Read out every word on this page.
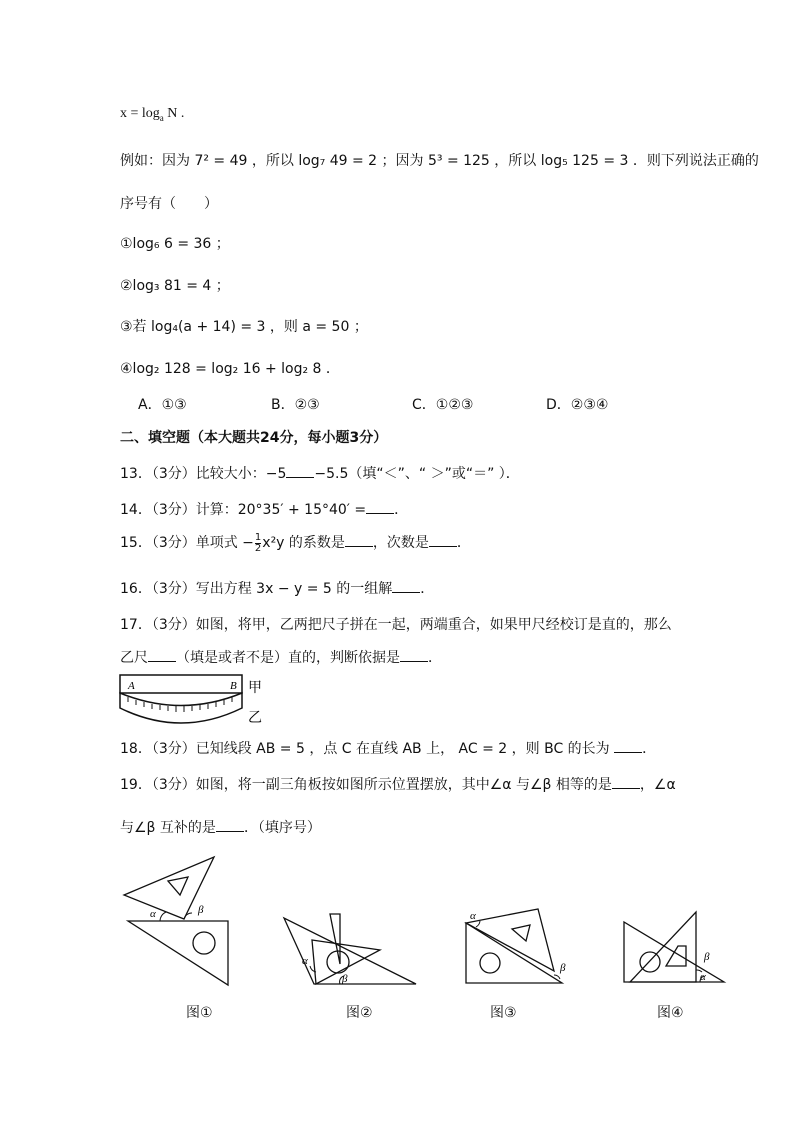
$x = \log_a N$ .
例如：因为 7² = 49 ，所以 log₇ 49 = 2 ；因为 5³ = 125 ，所以 log₅ 125 = 3 ．则下列说法正确的
序号有（　　）
①log₆ 6 = 36 ；
②log₃ 81 = 4 ；
③若 log₄(a + 14) = 3 ，则 a = 50 ；
④log₂ 128 = log₂ 16 + log₂ 8 ．
A．①③	B．②③	C．①②③	D．②③④
二、填空题（本大题共24分，每小题3分）
13．（3分）比较大小：−5 −5.5（填“＜”、“ ＞”或“＝” ）．
14．（3分）计算：20°35′ + 15°40′ = ．
15．（3分）单项式 − $\frac{1}{2} x^2y$ 的系数是 ，次数是 ．
16．（3分）写出方程 3x − y = 5 的一组解 ．
17．（3分）如图，将甲，乙两把尺子拼在一起，两端重合，如果甲尺经校订是直的，那么
乙尺 （填是或者不是）直的，判断依据是 ．
A	B 甲
乙
18．（3分）已知线段 AB = 5 ，点 C 在直线 AB 上， AC = 2 ，则 BC 的长为 ．
19．（3分）如图，将一副三角板按如图所示位置摆放，其中∠α 与∠β 相等的是 ，∠α
与∠β 互补的是 ．（填序号）
α	β
α
β
α
β
β
α
图①	图②	图③	图④
